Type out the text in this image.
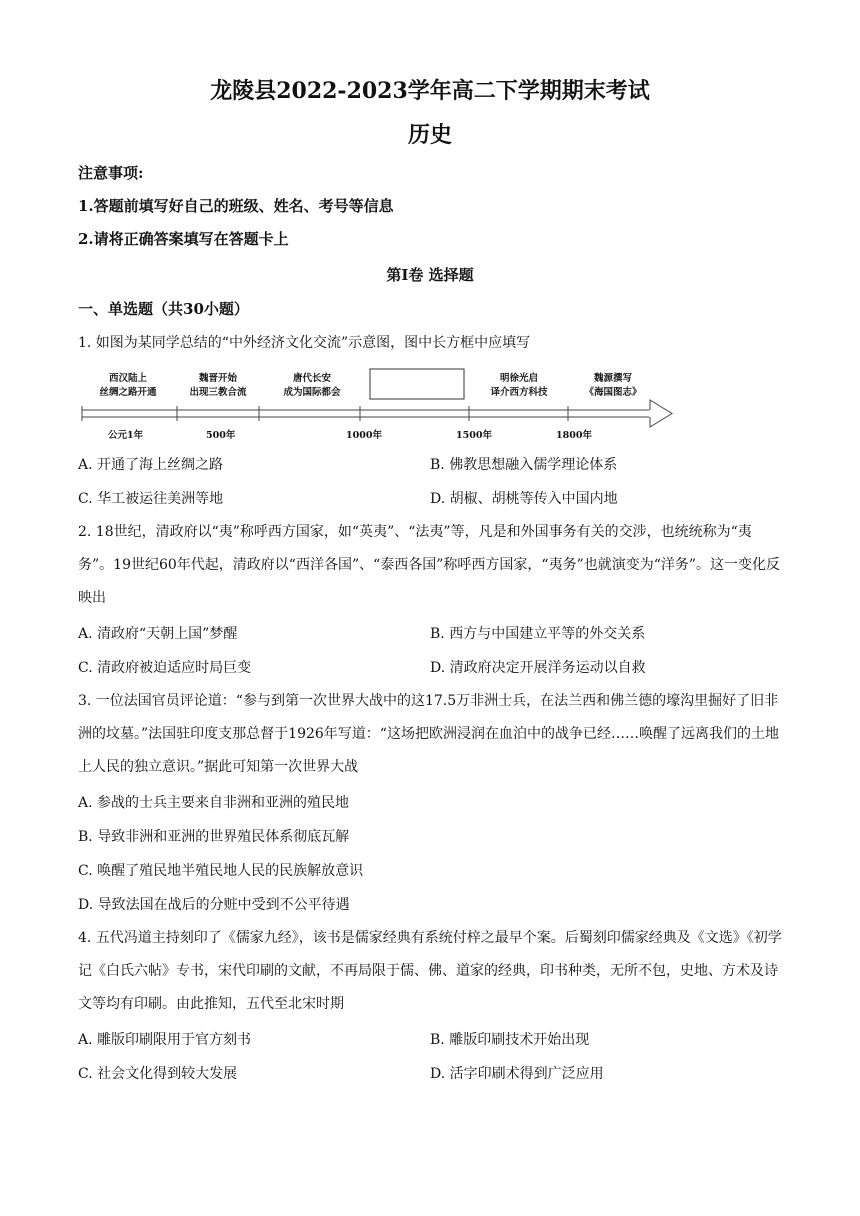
龙陵县2022-2023学年高二下学期期末考试
历史
注意事项:
1.答题前填写好自己的班级、姓名、考号等信息
2.请将正确答案填写在答题卡上
第Ⅰ卷 选择题
一、单选题（共30小题）
1. 如图为某同学总结的“中外经济文化交流”示意图，图中长方框中应填写
西汉陆上
丝绸之路开通
魏晋开始
出现三教合流
唐代长安
成为国际都会
明徐光启
译介西方科技
魏源撰写
《海国图志》
公元1年	500年	1000年	1500年	1800年
A. 开通了海上丝绸之路	B. 佛教思想融入儒学理论体系
C. 华工被运往美洲等地	D. 胡椒、胡桃等传入中国内地
2. 18世纪，清政府以“夷”称呼西方国家，如“英夷”、“法夷”等，凡是和外国事务有关的交涉，也统统称为“夷务”。19世纪60年代起，清政府以“西洋各国”、“泰西各国”称呼西方国家，“夷务”也就演变为“洋务”。这一变化反映出
A. 清政府“天朝上国”梦醒	B. 西方与中国建立平等的外交关系
C. 清政府被迫适应时局巨变	D. 清政府决定开展洋务运动以自救
3. 一位法国官员评论道：“参与到第一次世界大战中的这17.5万非洲士兵，在法兰西和佛兰德的壕沟里掘好了旧非洲的坟墓。”法国驻印度支那总督于1926年写道：“这场把欧洲浸润在血泊中的战争已经……唤醒了远离我们的土地上人民的独立意识。”据此可知第一次世界大战
A. 参战的士兵主要来自非洲和亚洲的殖民地
B. 导致非洲和亚洲的世界殖民体系彻底瓦解
C. 唤醒了殖民地半殖民地人民的民族解放意识
D. 导致法国在战后的分赃中受到不公平待遇
4. 五代冯道主持刻印了《儒家九经》，该书是儒家经典有系统付梓之最早个案。后蜀刻印儒家经典及《文选》《初学记《白氏六帖》专书，宋代印刷的文献，不再局限于儒、佛、道家的经典，印书种类，无所不包，史地、方术及诗文等均有印刷。由此推知，五代至北宋时期
A. 雕版印刷限用于官方刻书	B. 雕版印刷技术开始出现
C. 社会文化得到较大发展	D. 活字印刷术得到广泛应用
